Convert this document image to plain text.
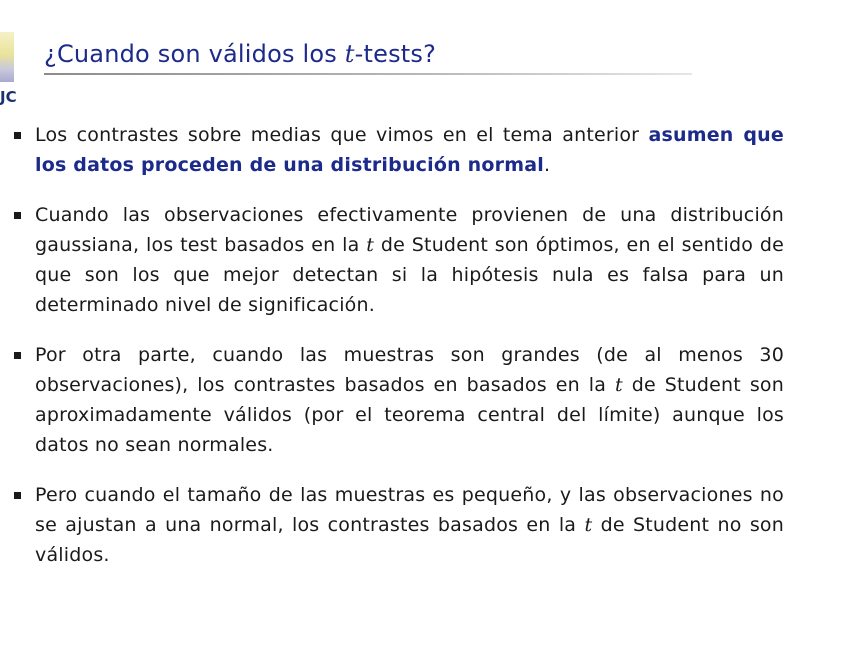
JC
¿Cuando son válidos los t-tests?
Los contrastes sobre medias que vimos en el tema anterior asumen que los datos proceden de una distribución normal.
Cuando las observaciones efectivamente provienen de una distribución gaussiana, los test basados en la t de Student son óptimos, en el sentido de que son los que mejor detectan si la hipótesis nula es falsa para un determinado nivel de significación.
Por otra parte, cuando las muestras son grandes (de al menos 30 observaciones), los contrastes basados en basados en la t de Student son aproximadamente válidos (por el teorema central del límite) aunque los datos no sean normales.
Pero cuando el tamaño de las muestras es pequeño, y las observaciones no se ajustan a una normal, los contrastes basados en la t de Student no son válidos.
